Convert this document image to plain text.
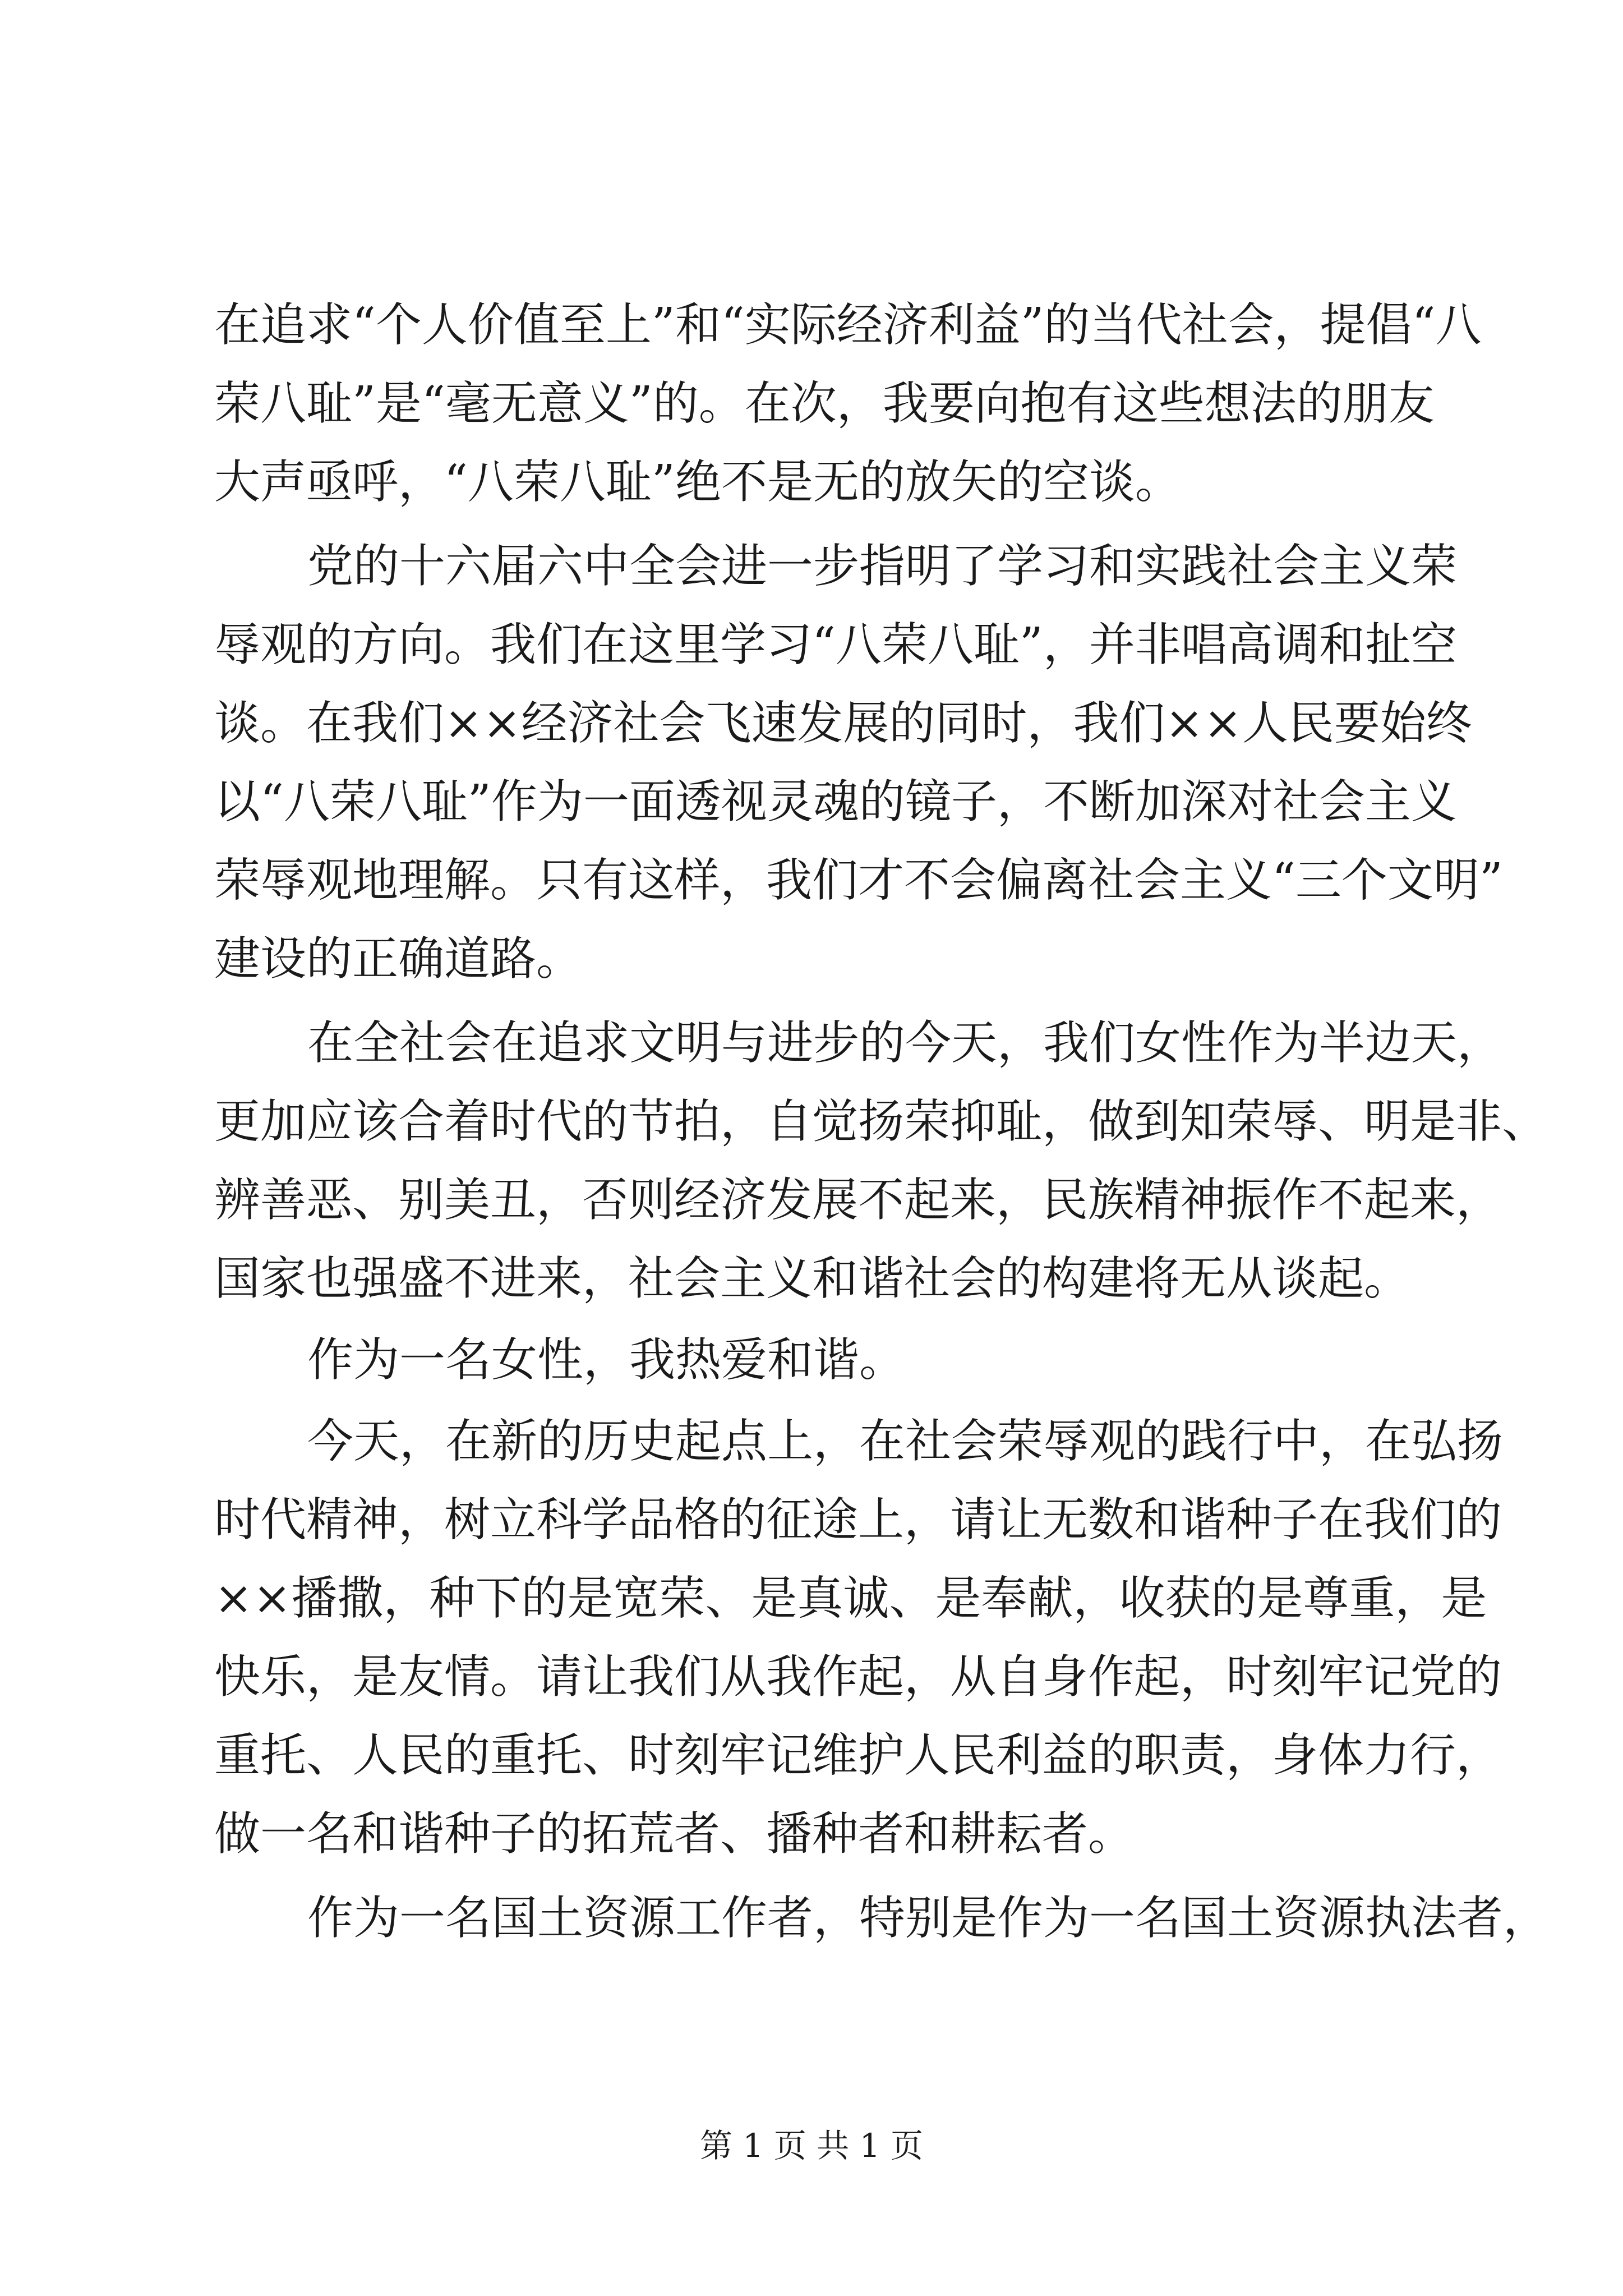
在追求“个人价值至上”和“实际经济利益”的当代社会，提倡“八
荣八耻”是“毫无意义”的。在次，我要向抱有这些想法的朋友
大声亟呼，“八荣八耻”绝不是无的放矢的空谈。
党的十六届六中全会进一步指明了学习和实践社会主义荣
辱观的方向。我们在这里学习“八荣八耻”，并非唱高调和扯空
谈。在我们××经济社会飞速发展的同时，我们××人民要始终
以“八荣八耻”作为一面透视灵魂的镜子，不断加深对社会主义
荣辱观地理解。只有这样，我们才不会偏离社会主义“三个文明”
建设的正确道路。
在全社会在追求文明与进步的今天，我们女性作为半边天，
更加应该合着时代的节拍，自觉扬荣抑耻，做到知荣辱、明是非、
辨善恶、别美丑，否则经济发展不起来，民族精神振作不起来，
国家也强盛不进来，社会主义和谐社会的构建将无从谈起。
作为一名女性，我热爱和谐。
今天，在新的历史起点上，在社会荣辱观的践行中，在弘扬
时代精神，树立科学品格的征途上，请让无数和谐种子在我们的
××播撒，种下的是宽荣、是真诚、是奉献，收获的是尊重，是
快乐，是友情。请让我们从我作起，从自身作起，时刻牢记党的
重托、人民的重托、时刻牢记维护人民利益的职责，身体力行，
做一名和谐种子的拓荒者、播种者和耕耘者。
作为一名国土资源工作者，特别是作为一名国土资源执法者，
第 1 页 共 1 页
